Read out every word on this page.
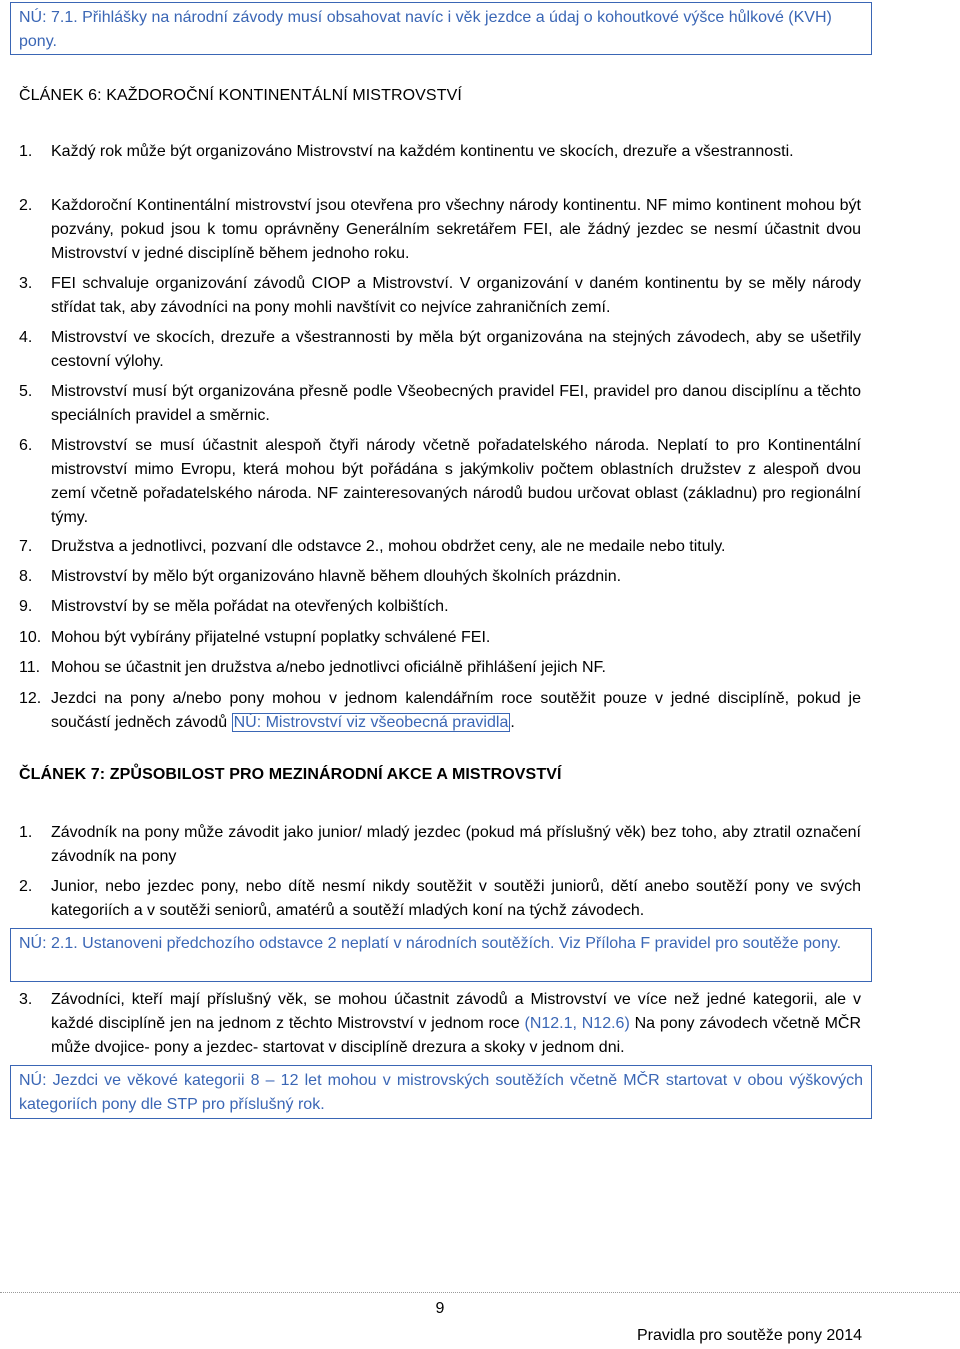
NÚ: 7.1. Přihlášky na národní závody musí obsahovat navíc i věk jezdce a údaj o kohoutkové výšce hůlkové (KVH) pony.
ČLÁNEK 6: KAŽDOROČNÍ KONTINENTÁLNÍ MISTROVSTVÍ
1. Každý rok může být organizováno Mistrovství na každém kontinentu ve skocích, drezuře a všestrannosti.
2. Každoroční Kontinentální mistrovství jsou otevřena pro všechny národy kontinentu. NF mimo kontinent mohou být pozvány, pokud jsou k tomu oprávněny Generálním sekretářem FEI, ale žádný jezdec se nesmí účastnit dvou Mistrovství v jedné disciplíně během jednoho roku.
3. FEI schvaluje organizování závodů CIOP a Mistrovství. V organizování v daném kontinentu by se měly národy střídat tak, aby závodníci na pony mohli navštívit co nejvíce zahraničních zemí.
4. Mistrovství ve skocích, drezuře a všestrannosti by měla být organizována na stejných závodech, aby se ušetřily cestovní výlohy.
5. Mistrovství musí být organizována přesně podle Všeobecných pravidel FEI, pravidel pro danou disciplínu a těchto speciálních pravidel a směrnic.
6. Mistrovství se musí účastnit alespoň čtyři národy včetně pořadatelského národa. Neplatí to pro Kontinentální mistrovství mimo Evropu, která mohou být pořádána s jakýmkoliv počtem oblastních družstev z alespoň dvou zemí včetně pořadatelského národa. NF zainteresovaných národů budou určovat oblast (základnu) pro regionální týmy.
7. Družstva a jednotlivci, pozvaní dle odstavce 2., mohou obdržet ceny, ale ne medaile nebo tituly.
8. Mistrovství by mělo být organizováno hlavně během dlouhých školních prázdnin.
9. Mistrovství by se měla pořádat na otevřených kolbištích.
10. Mohou být vybírány přijatelné vstupní poplatky schválené FEI.
11. Mohou se účastnit jen družstva a/nebo jednotlivci oficiálně přihlášení jejich NF.
12. Jezdci na pony a/nebo pony mohou v jednom kalendářním roce soutěžit pouze v jedné disciplíně, pokud je součástí jedněch závodů NÚ: Mistrovství viz všeobecná pravidla .
ČLÁNEK 7: ZPŮSOBILOST PRO MEZINÁRODNÍ AKCE A MISTROVSTVÍ
1. Závodník na pony může závodit jako junior/ mladý jezdec (pokud má příslušný věk) bez toho, aby ztratil označení závodník na pony
2. Junior, nebo jezdec pony, nebo dítě nesmí nikdy soutěžit v soutěži juniorů, dětí anebo soutěží pony ve svých kategoriích a v soutěži seniorů, amatérů a soutěží mladých koní na týchž závodech.
NÚ: 2.1. Ustanoveni předchozího odstavce 2 neplatí v národních soutěžích. Viz Příloha F pravidel pro soutěže pony.
3. Závodníci, kteří mají příslušný věk, se mohou účastnit závodů a Mistrovství ve více než jedné kategorii, ale v každé disciplíně jen na jednom z těchto Mistrovství v jednom roce (N12.1, N12.6) Na pony závodech včetně MČR může dvojice- pony a jezdec- startovat v disciplíně drezura a skoky v jednom dni.
NÚ: Jezdci ve věkové kategorii 8 – 12 let mohou v mistrovských soutěžích včetně MČR startovat v obou výškových kategoriích pony dle STP pro příslušný rok.
9
Pravidla pro soutěže pony 2014
